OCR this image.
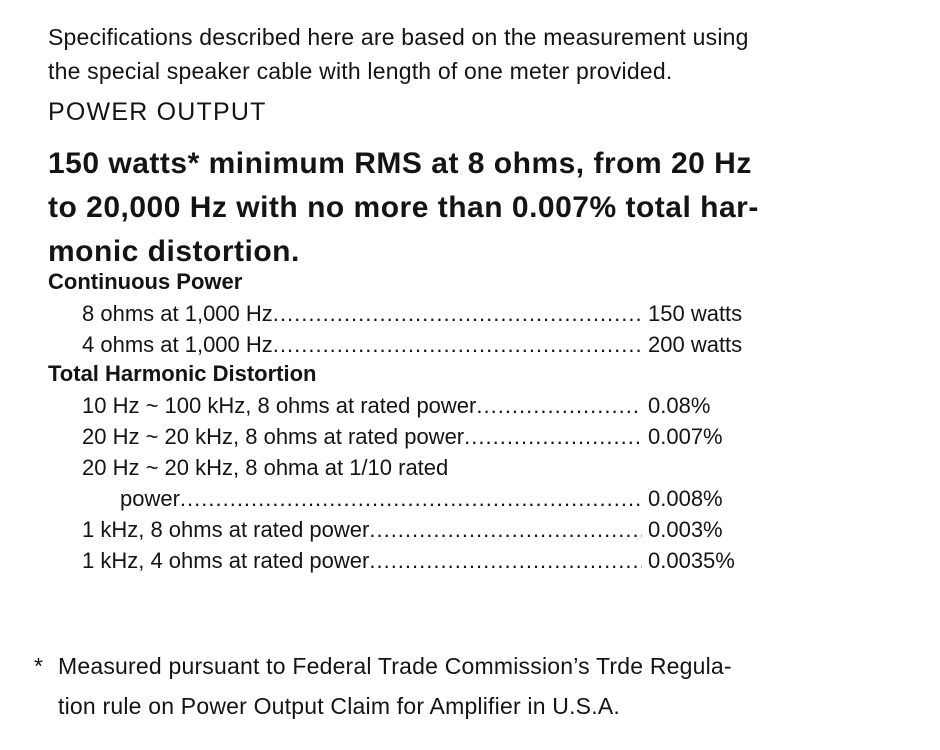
Specifications described here are based on the measurement using
the special speaker cable with length of one meter provided.
POWER OUTPUT
150 watts* minimum RMS at 8 ohms, from 20 Hz
to 20,000 Hz with no more than 0.007% total har-
monic distortion.
Continuous Power
8 ohms at 1,000 Hz .....	150 watts
4 ohms at 1,000 Hz .....	200 watts
Total Harmonic Distortion
10 Hz ~ 100 kHz, 8 ohms at rated power .....	0.08%
20 Hz ~ 20 kHz, 8 ohms at rated power .....	0.007%
20 Hz ~ 20 kHz, 8 ohma at 1/10 rated
power .....	0.008%
1 kHz, 8 ohms at rated power .....	0.003%
1 kHz, 4 ohms at rated power .....	0.0035%
* Measured pursuant to Federal Trade Commission’s Trde Regula-
tion rule on Power Output Claim for Amplifier in U.S.A.
